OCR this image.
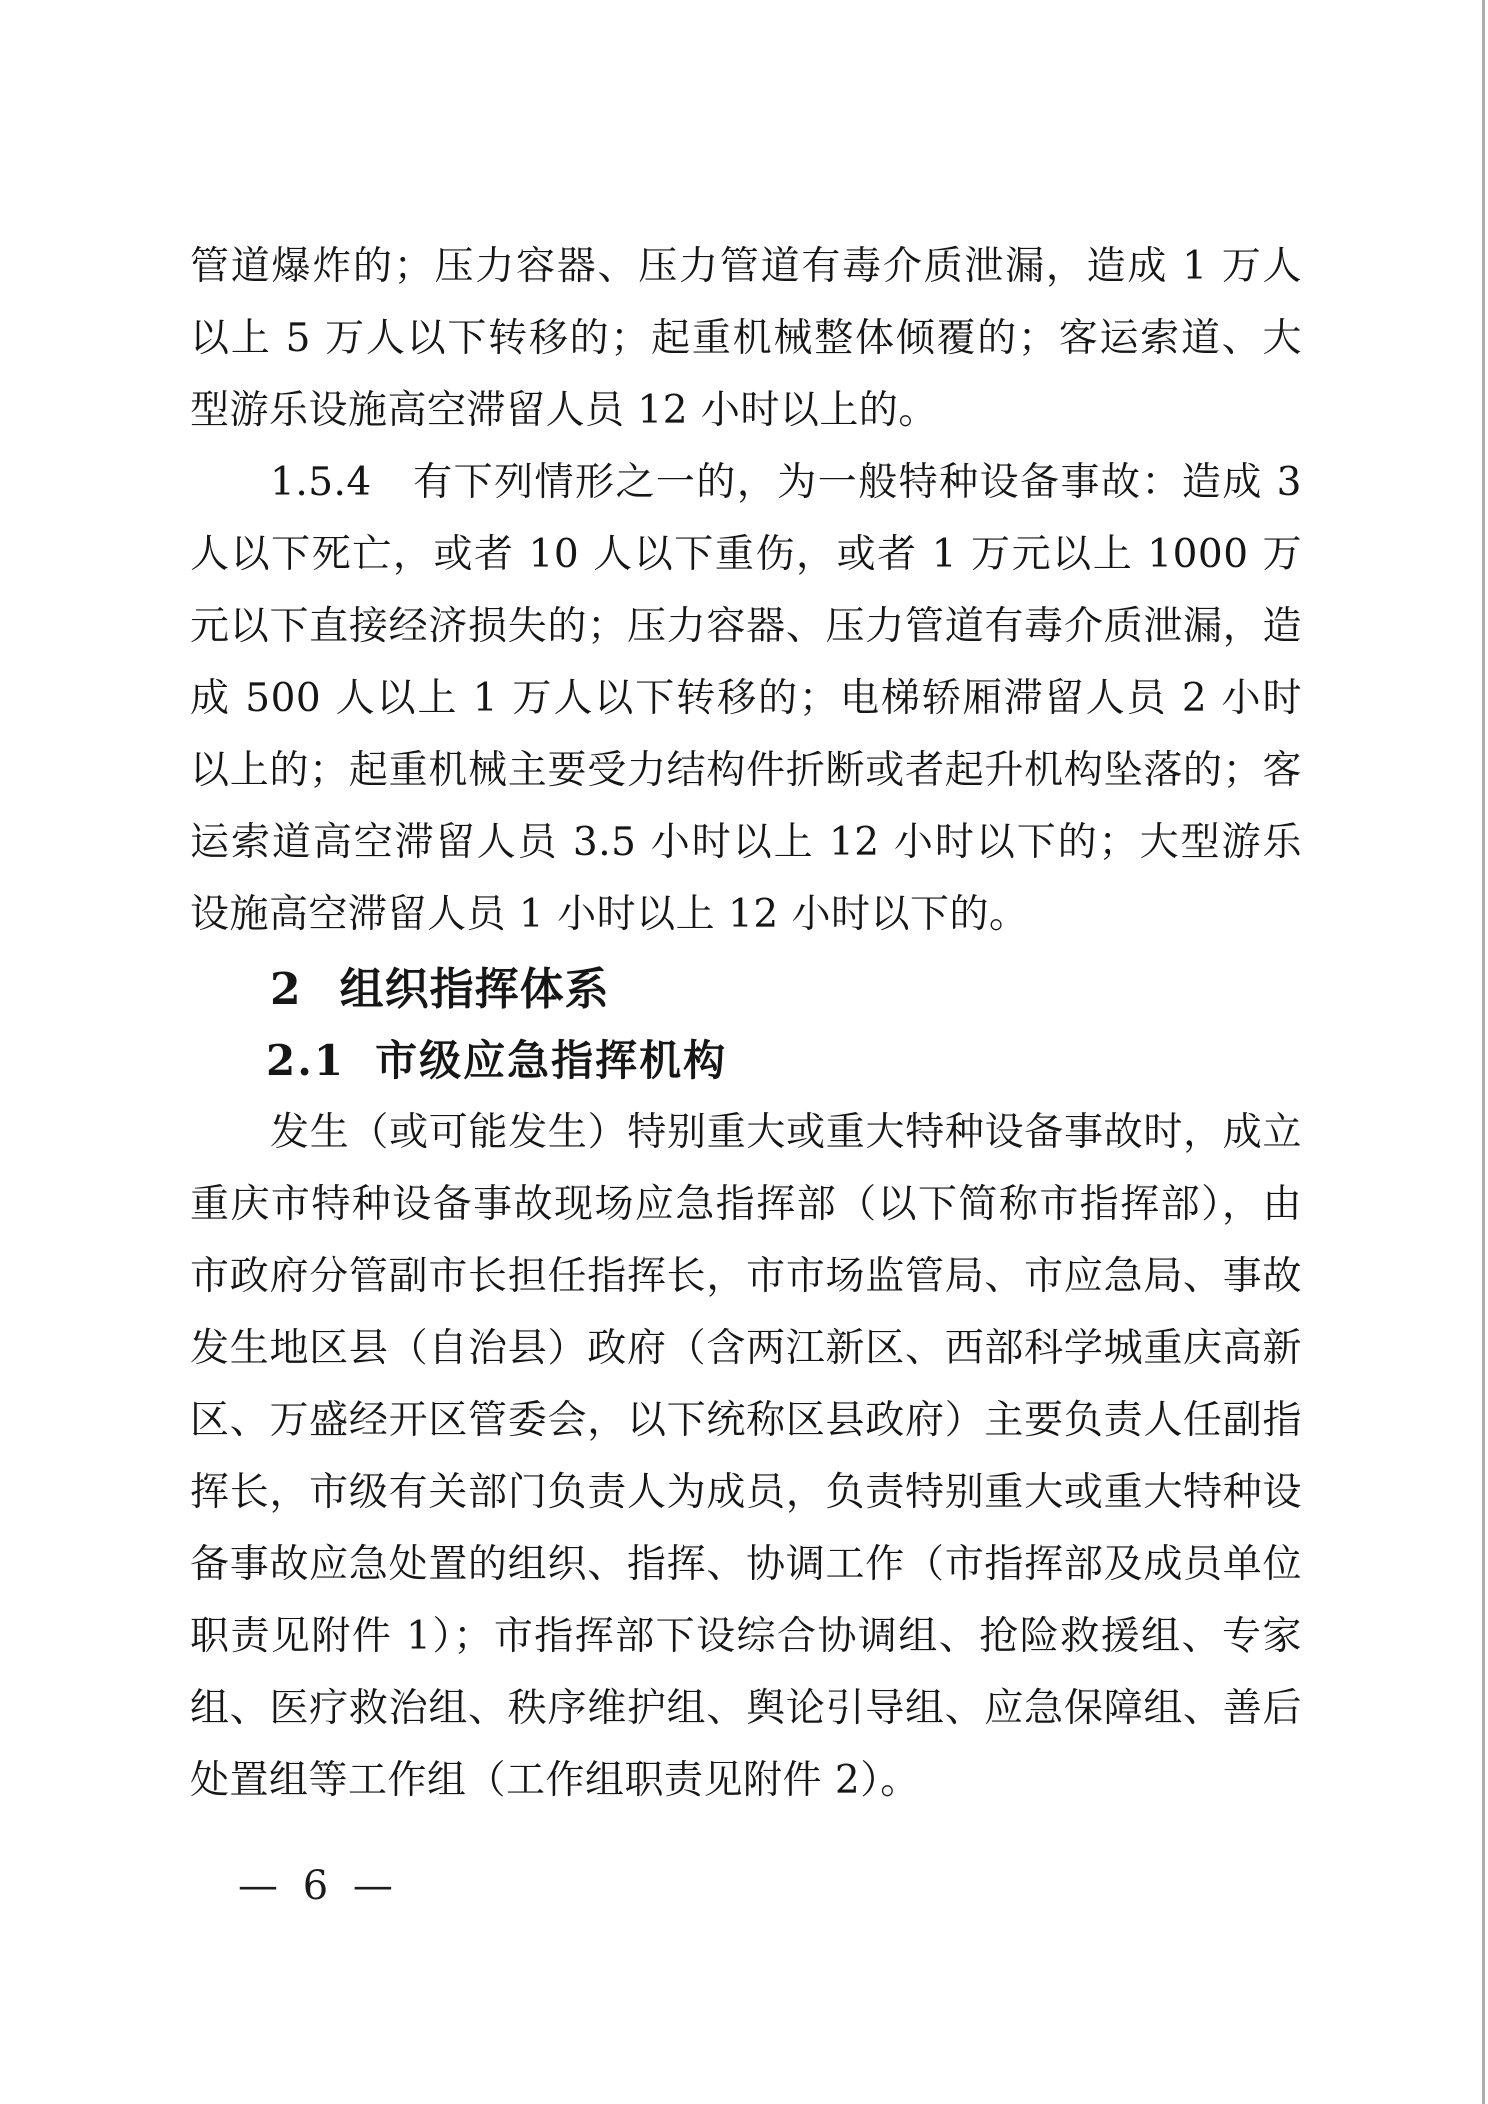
管道爆炸的；压力容器、压力管道有毒介质泄漏，造成 1 万人以上 5 万人以下转移的；起重机械整体倾覆的；客运索道、大型游乐设施高空滞留人员 12 小时以上的。

1.5.4　有下列情形之一的，为一般特种设备事故：造成 3 人以下死亡，或者 10 人以下重伤，或者 1 万元以上 1000 万元以下直接经济损失的；压力容器、压力管道有毒介质泄漏，造成 500 人以上 1 万人以下转移的；电梯轿厢滞留人员 2 小时以上的；起重机械主要受力结构件折断或者起升机构坠落的；客运索道高空滞留人员 3.5 小时以上 12 小时以下的；大型游乐设施高空滞留人员 1 小时以上 12 小时以下的。

2 组织指挥体系
2.1 市级应急指挥机构

发生（或可能发生）特别重大或重大特种设备事故时，成立重庆市特种设备事故现场应急指挥部（以下简称市指挥部），由市政府分管副市长担任指挥长，市市场监管局、市应急局、事故发生地区县（自治县）政府（含两江新区、西部科学城重庆高新区、万盛经开区管委会，以下统称区县政府）主要负责人任副指挥长，市级有关部门负责人为成员，负责特别重大或重大特种设备事故应急处置的组织、指挥、协调工作（市指挥部及成员单位职责见附件 1）；市指挥部下设综合协调组、抢险救援组、专家组、医疗救治组、秩序维护组、舆论引导组、应急保障组、善后处置组等工作组（工作组职责见附件 2）。

— 6 —
